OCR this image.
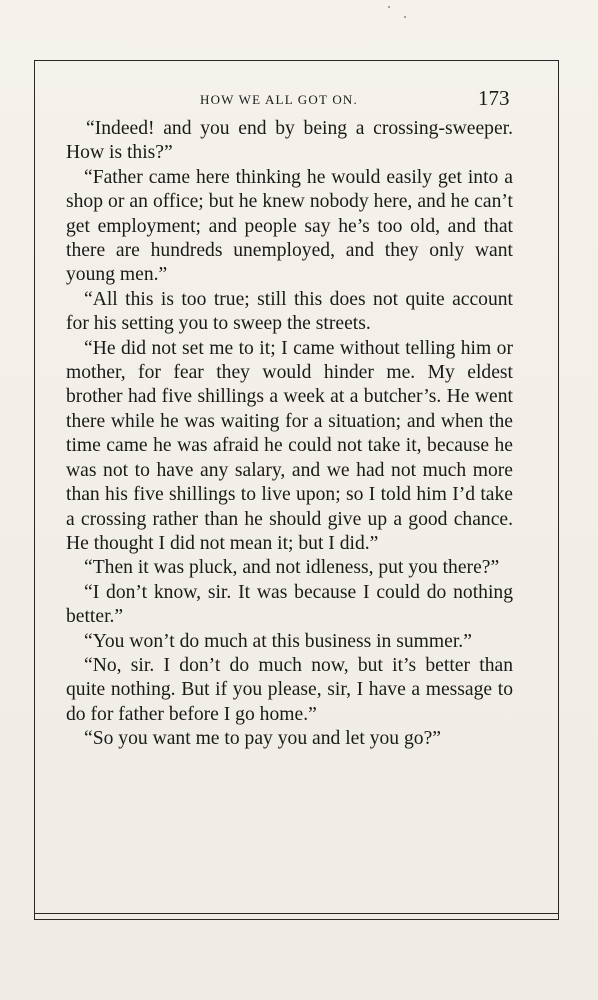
HOW WE ALL GOT ON.	173

“Indeed! and you end by being a crossing-sweeper. How is this?”

“Father came here thinking he would easily get into a shop or an office; but he knew nobody here, and he can’t get employment; and people say he’s too old, and that there are hundreds unemployed, and they only want young men.”

“All this is too true; still this does not quite account for his setting you to sweep the streets.

“He did not set me to it; I came without telling him or mother, for fear they would hinder me. My eldest brother had five shillings a week at a butcher’s. He went there while he was waiting for a situation; and when the time came he was afraid he could not take it, because he was not to have any salary, and we had not much more than his five shillings to live upon; so I told him I’d take a crossing rather than he should give up a good chance. He thought I did not mean it; but I did.”

“Then it was pluck, and not idleness, put you there?”

“I don’t know, sir. It was because I could do nothing better.”

“You won’t do much at this business in summer.”

“No, sir. I don’t do much now, but it’s better than quite nothing. But if you please, sir, I have a message to do for father before I go home.”

“So you want me to pay you and let you go?”
